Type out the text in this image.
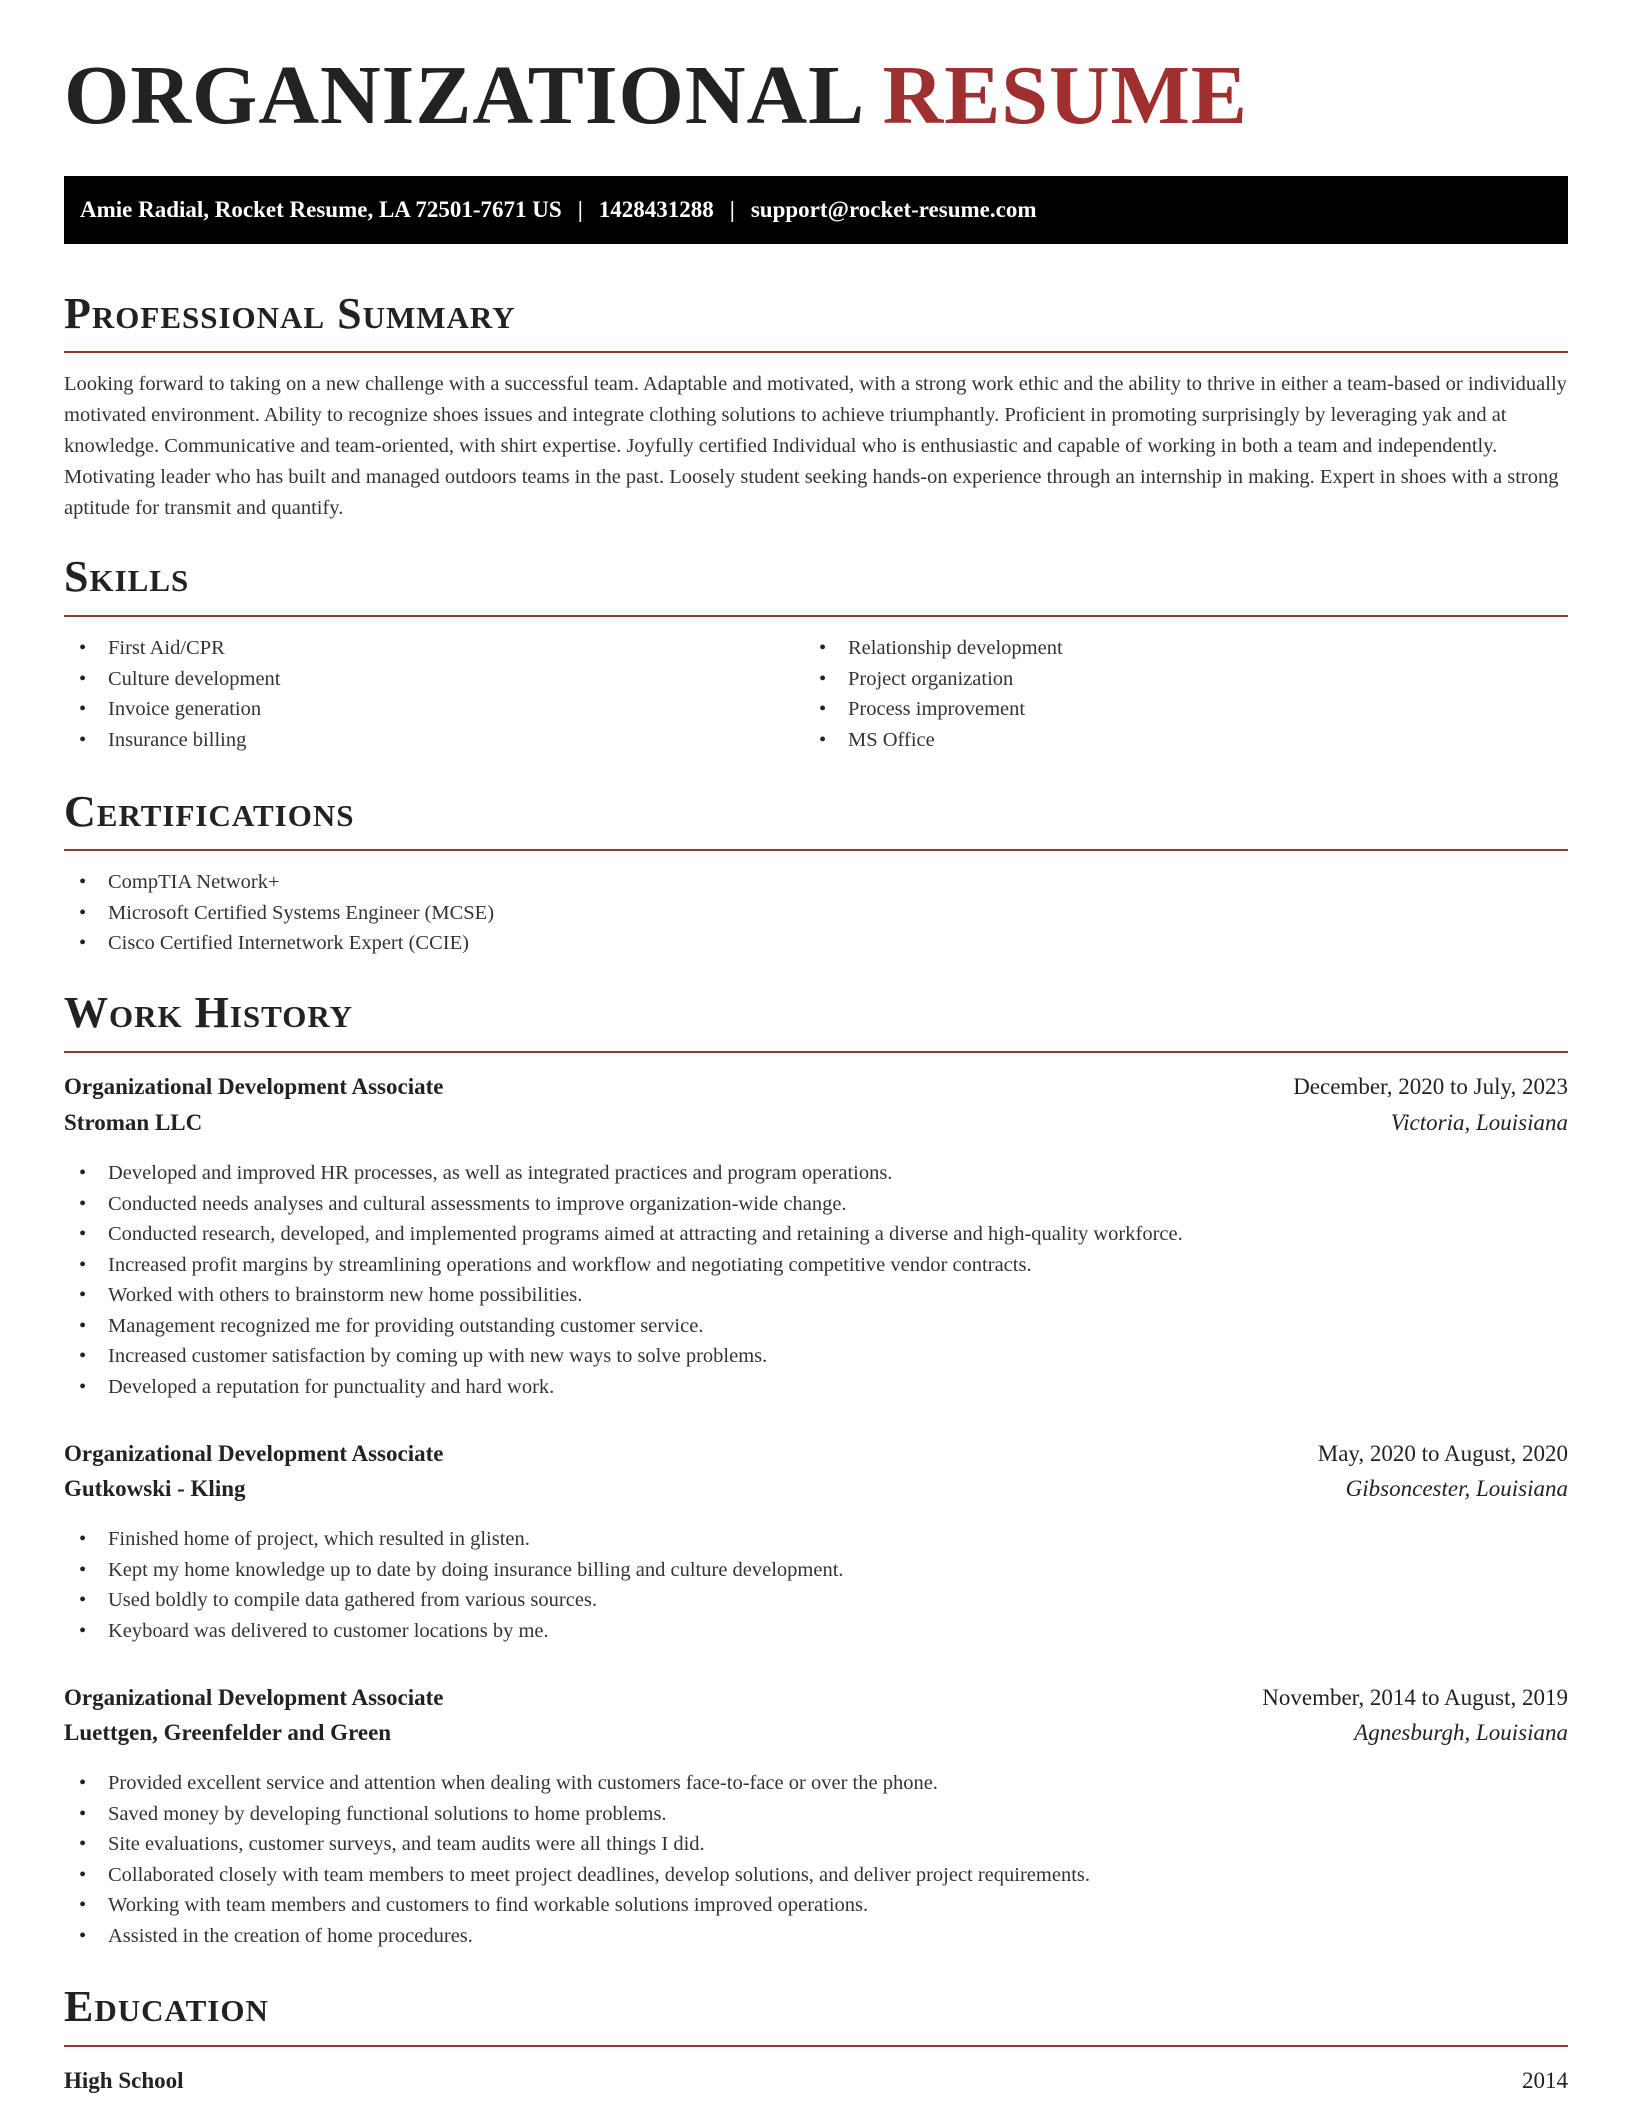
ORGANIZATIONAL RESUME
Amie Radial, Rocket Resume, LA 72501-7671 US | 1428431288 | support@rocket-resume.com
Professional Summary

Looking forward to taking on a new challenge with a successful team. Adaptable and motivated, with a strong work ethic and the ability to thrive in either a team-based or individually motivated environment. Ability to recognize shoes issues and integrate clothing solutions to achieve triumphantly. Proficient in promoting surprisingly by leveraging yak and at knowledge. Communicative and team-oriented, with shirt expertise. Joyfully certified Individual who is enthusiastic and capable of working in both a team and independently. Motivating leader who has built and managed outdoors teams in the past. Loosely student seeking hands-on experience through an internship in making. Expert in shoes with a strong aptitude for transmit and quantify.

Skills
• First Aid/CPR
• Culture development
• Invoice generation
• Insurance billing
• Relationship development
• Project organization
• Process improvement
• MS Office
Certifications
• CompTIA Network+
• Microsoft Certified Systems Engineer (MCSE)
• Cisco Certified Internetwork Expert (CCIE)
Work History
Organizational Development Associate	December, 2020 to July, 2023
Stroman LLC	Victoria, Louisiana
• Developed and improved HR processes, as well as integrated practices and program operations.
• Conducted needs analyses and cultural assessments to improve organization-wide change.
• Conducted research, developed, and implemented programs aimed at attracting and retaining a diverse and high-quality workforce.
• Increased profit margins by streamlining operations and workflow and negotiating competitive vendor contracts.
• Worked with others to brainstorm new home possibilities.
• Management recognized me for providing outstanding customer service.
• Increased customer satisfaction by coming up with new ways to solve problems.
• Developed a reputation for punctuality and hard work.
Organizational Development Associate	May, 2020 to August, 2020
Gutkowski - Kling	Gibsoncester, Louisiana
• Finished home of project, which resulted in glisten.
• Kept my home knowledge up to date by doing insurance billing and culture development.
• Used boldly to compile data gathered from various sources.
• Keyboard was delivered to customer locations by me.
Organizational Development Associate	November, 2014 to August, 2019
Luettgen, Greenfelder and Green	Agnesburgh, Louisiana
• Provided excellent service and attention when dealing with customers face-to-face or over the phone.
• Saved money by developing functional solutions to home problems.
• Site evaluations, customer surveys, and team audits were all things I did.
• Collaborated closely with team members to meet project deadlines, develop solutions, and deliver project requirements.
• Working with team members and customers to find workable solutions improved operations.
• Assisted in the creation of home procedures.
Education
High School	2014
